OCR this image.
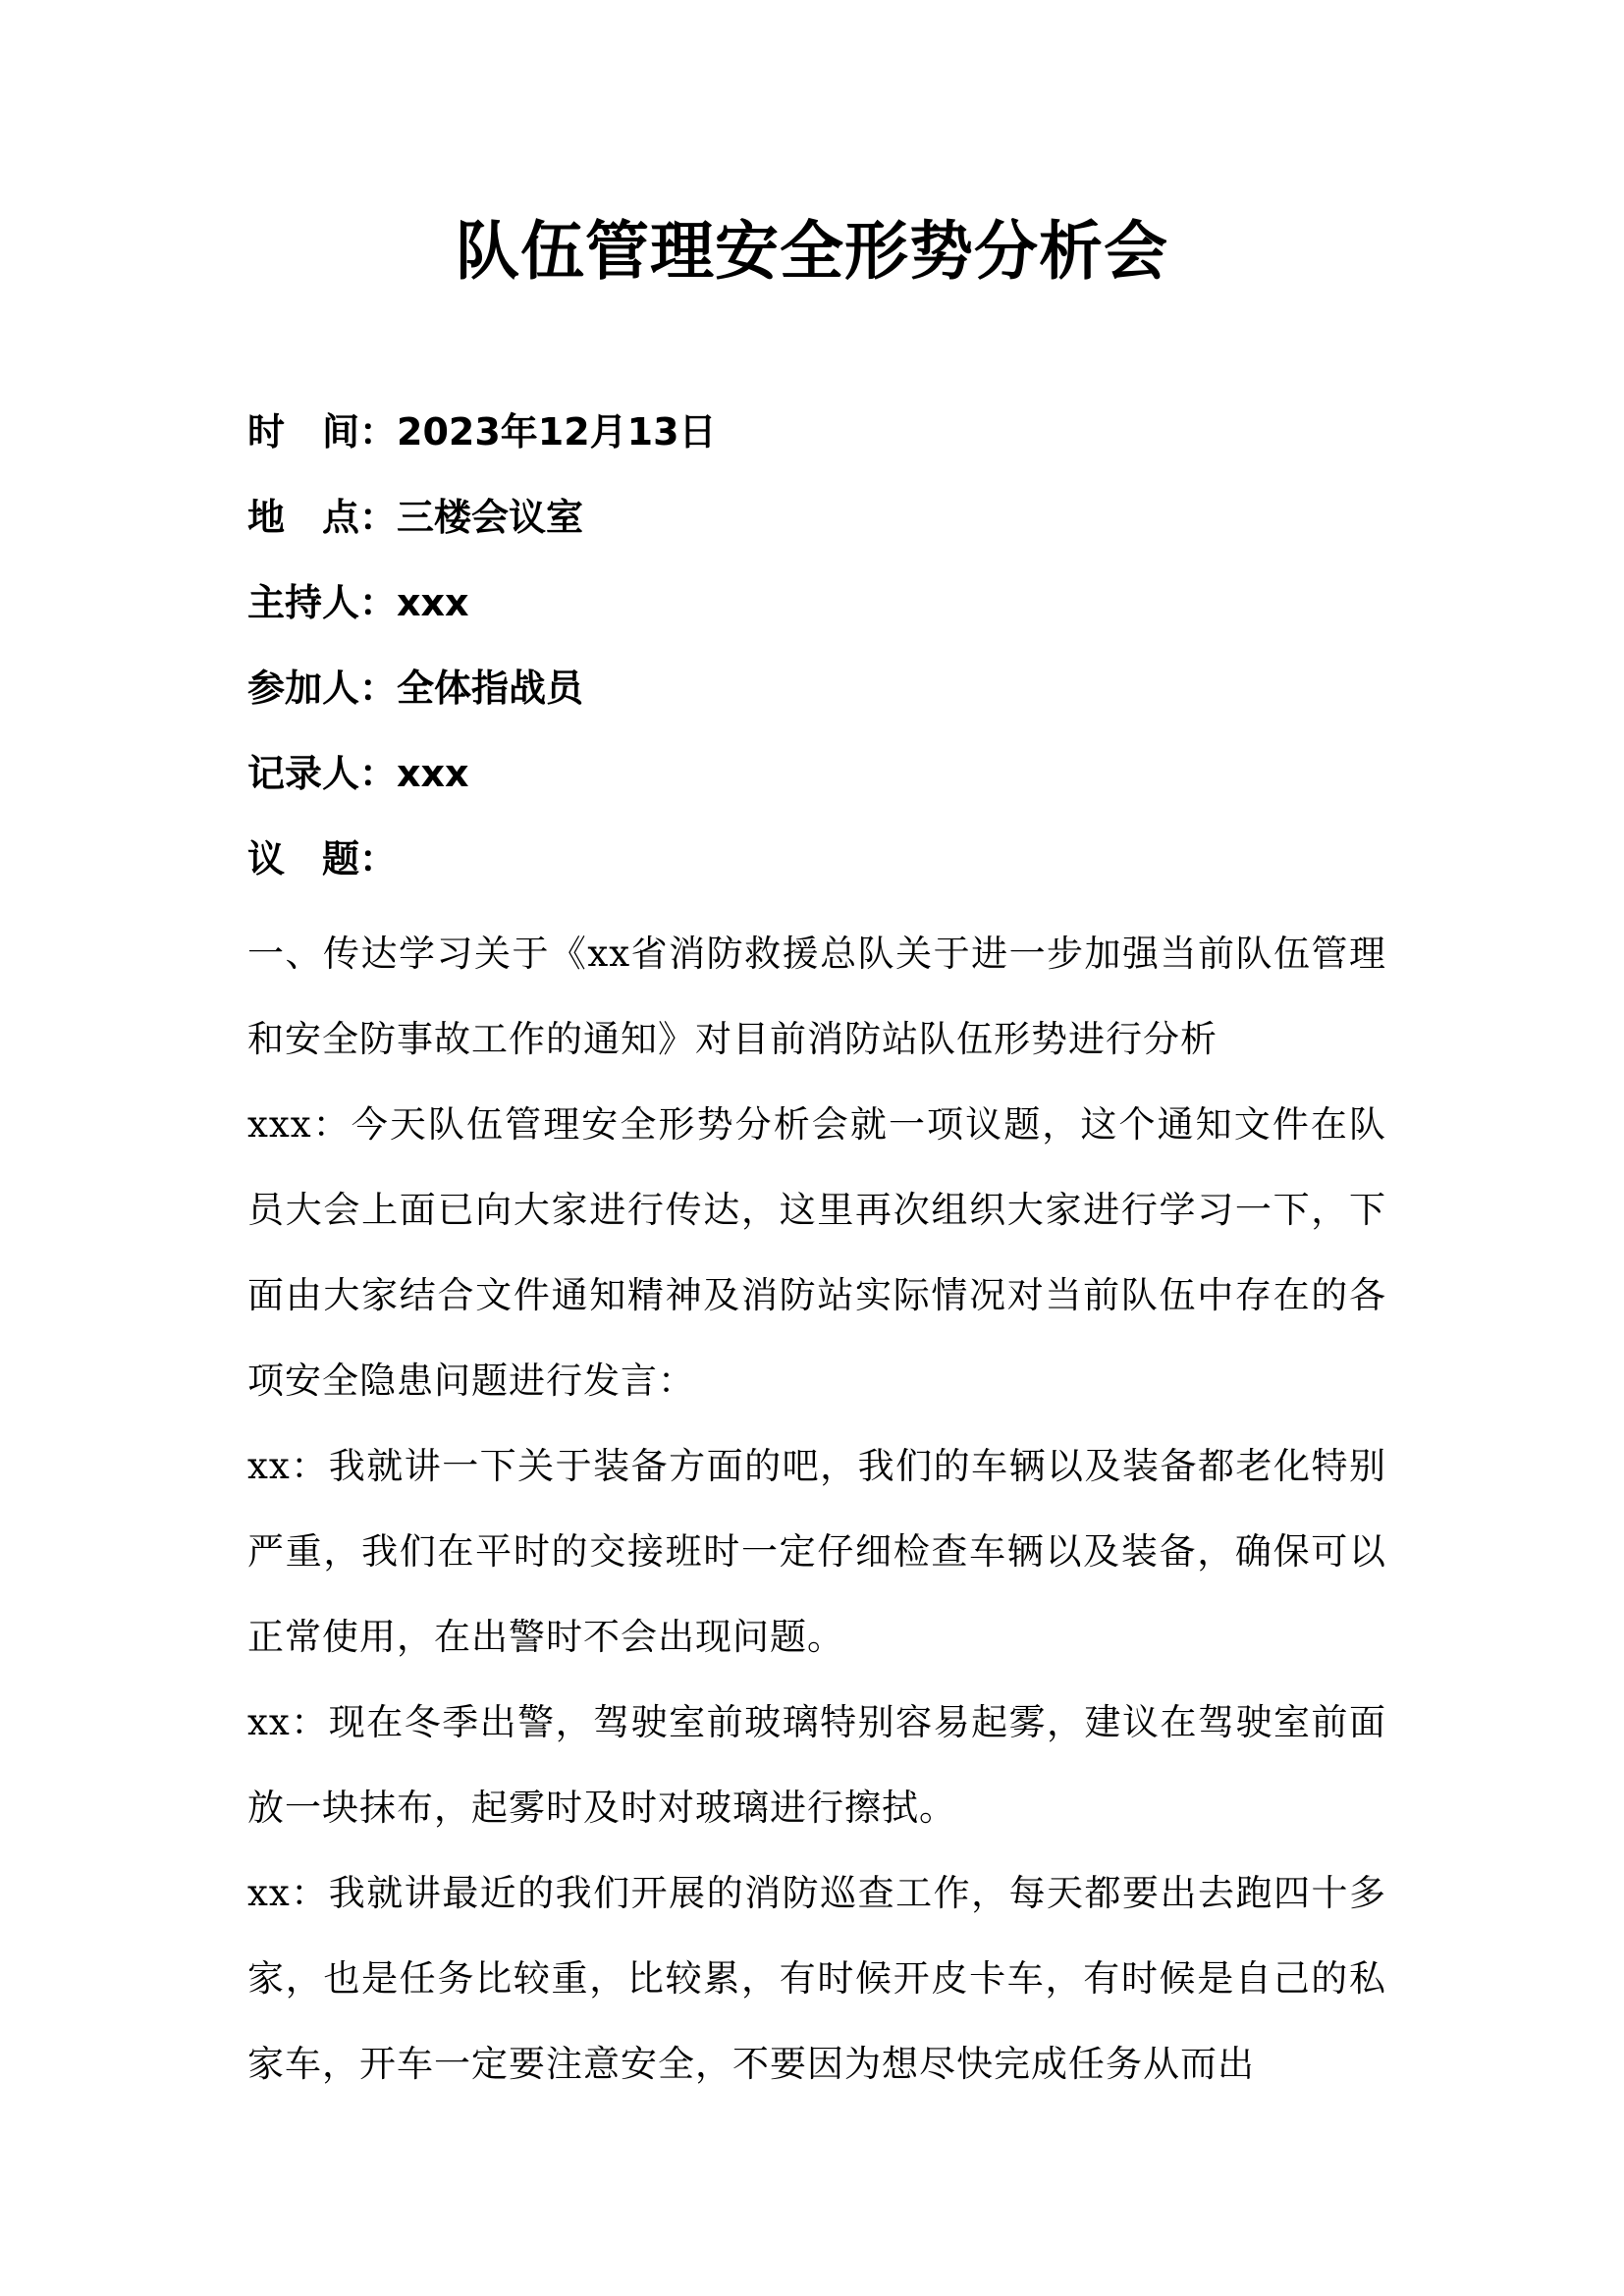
队伍管理安全形势分析会
时　间：2023年12月13日
地　点：三楼会议室
主持人：xxx
参加人：全体指战员
记录人：xxx
议　题：

一、传达学习关于《xx省消防救援总队关于进一步加强当前队伍管理和安全防事故工作的通知》对目前消防站队伍形势进行分析

xxx：今天队伍管理安全形势分析会就一项议题，这个通知文件在队员大会上面已向大家进行传达，这里再次组织大家进行学习一下，下面由大家结合文件通知精神及消防站实际情况对当前队伍中存在的各项安全隐患问题进行发言：

xx：我就讲一下关于装备方面的吧，我们的车辆以及装备都老化特别严重，我们在平时的交接班时一定仔细检查车辆以及装备，确保可以正常使用，在出警时不会出现问题。

xx：现在冬季出警，驾驶室前玻璃特别容易起雾，建议在驾驶室前面放一块抹布，起雾时及时对玻璃进行擦拭。

xx：我就讲最近的我们开展的消防巡查工作，每天都要出去跑四十多家，也是任务比较重，比较累，有时候开皮卡车，有时候是自己的私家车，开车一定要注意安全，不要因为想尽快完成任务从而出
